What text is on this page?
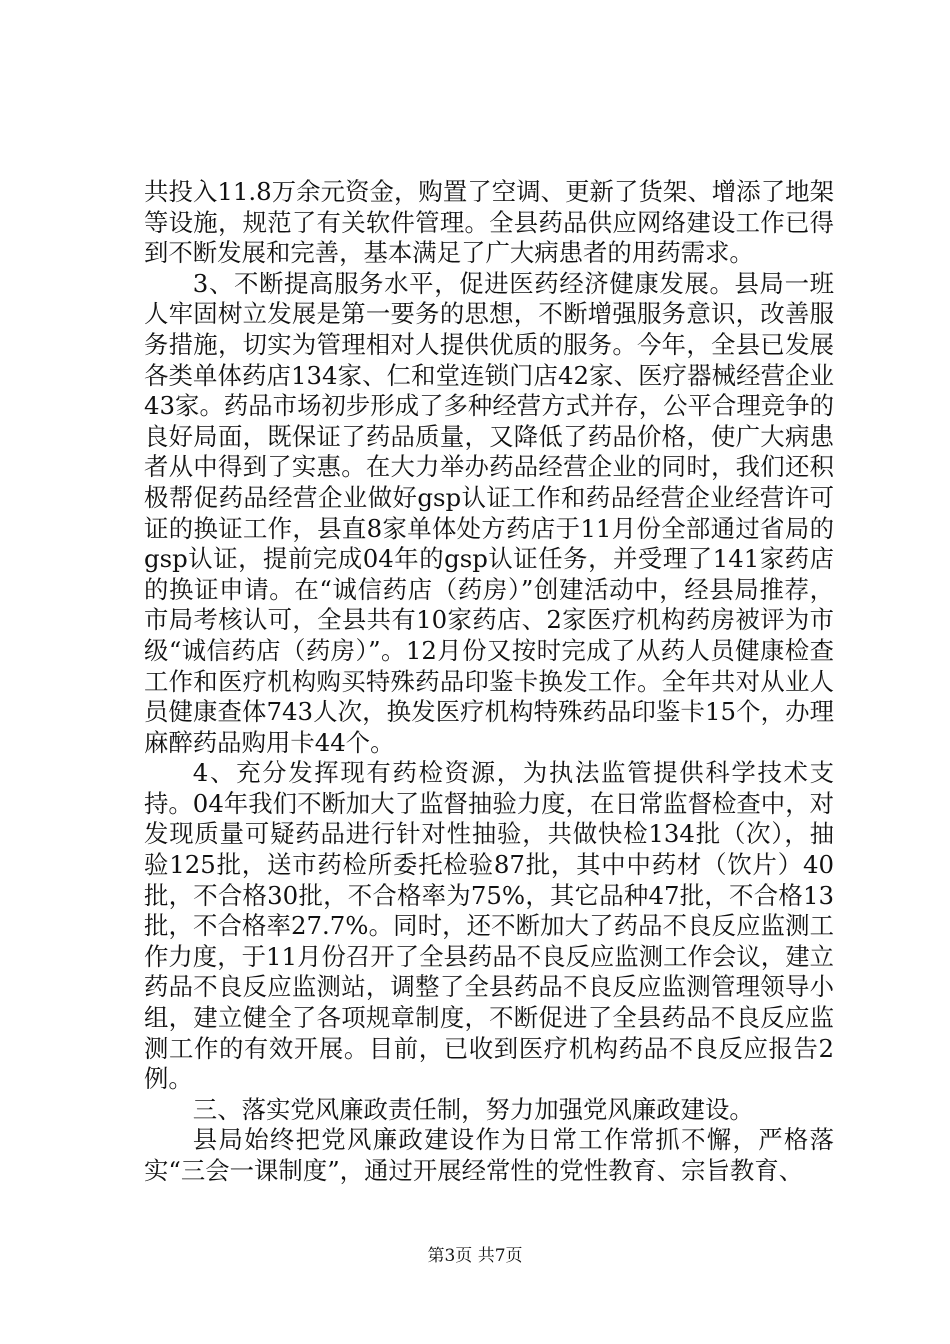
共投入11.8万余元资金，购置了空调、更新了货架、增添了地架等设施，规范了有关软件管理。全县药品供应网络建设工作已得到不断发展和完善，基本满足了广大病患者的用药需求。

3、不断提高服务水平，促进医药经济健康发展。县局一班人牢固树立发展是第一要务的思想，不断增强服务意识，改善服务措施，切实为管理相对人提供优质的服务。今年，全县已发展各类单体药店134家、仁和堂连锁门店42家、医疗器械经营企业43家。药品市场初步形成了多种经营方式并存，公平合理竞争的良好局面，既保证了药品质量，又降低了药品价格，使广大病患者从中得到了实惠。在大力举办药品经营企业的同时，我们还积极帮促药品经营企业做好gsp认证工作和药品经营企业经营许可证的换证工作，县直8家单体处方药店于11月份全部通过省局的gsp认证，提前完成04年的gsp认证任务，并受理了141家药店的换证申请。在“诚信药店（药房）”创建活动中，经县局推荐，市局考核认可，全县共有10家药店、2家医疗机构药房被评为市级“诚信药店（药房）”。12月份又按时完成了从药人员健康检查工作和医疗机构购买特殊药品印鉴卡换发工作。全年共对从业人员健康查体743人次，换发医疗机构特殊药品印鉴卡15个，办理麻醉药品购用卡44个。

4、充分发挥现有药检资源，为执法监管提供科学技术支持。04年我们不断加大了监督抽验力度，在日常监督检查中，对发现质量可疑药品进行针对性抽验，共做快检134批（次），抽验125批，送市药检所委托检验87批，其中中药材（饮片）40批，不合格30批，不合格率为75%，其它品种47批，不合格13批，不合格率27.7%。同时，还不断加大了药品不良反应监测工作力度，于11月份召开了全县药品不良反应监测工作会议，建立药品不良反应监测站，调整了全县药品不良反应监测管理领导小组，建立健全了各项规章制度，不断促进了全县药品不良反应监测工作的有效开展。目前，已收到医疗机构药品不良反应报告2例。

三、落实党风廉政责任制，努力加强党风廉政建设。

县局始终把党风廉政建设作为日常工作常抓不懈，严格落实“三会一课制度”，通过开展经常性的党性教育、宗旨教育、

第3页 共7页
